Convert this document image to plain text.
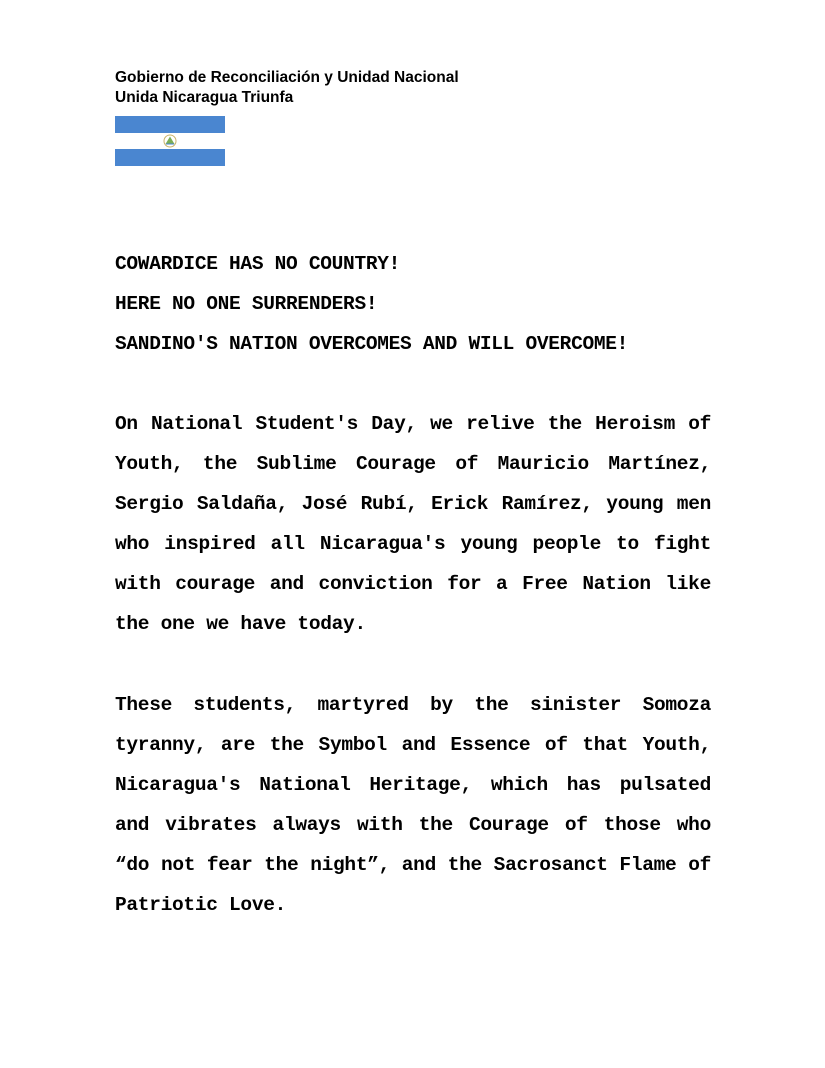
Gobierno de Reconciliación y Unidad Nacional

Unida Nicaragua Triunfa

COWARDICE HAS NO COUNTRY!

HERE NO ONE SURRENDERS!

SANDINO'S NATION OVERCOMES AND WILL OVERCOME!

On National Student's Day, we relive the Heroism of Youth, the Sublime Courage of Mauricio Martínez, Sergio Saldaña, José Rubí, Erick Ramírez, young men who inspired all Nicaragua's young people to fight with courage and conviction for a Free Nation like the one we have today.

These students, martyred by the sinister Somoza tyranny, are the Symbol and Essence of that Youth, Nicaragua's National Heritage, which has pulsated and vibrates always with the Courage of those who “do not fear the night”, and the Sacrosanct Flame of Patriotic Love.
